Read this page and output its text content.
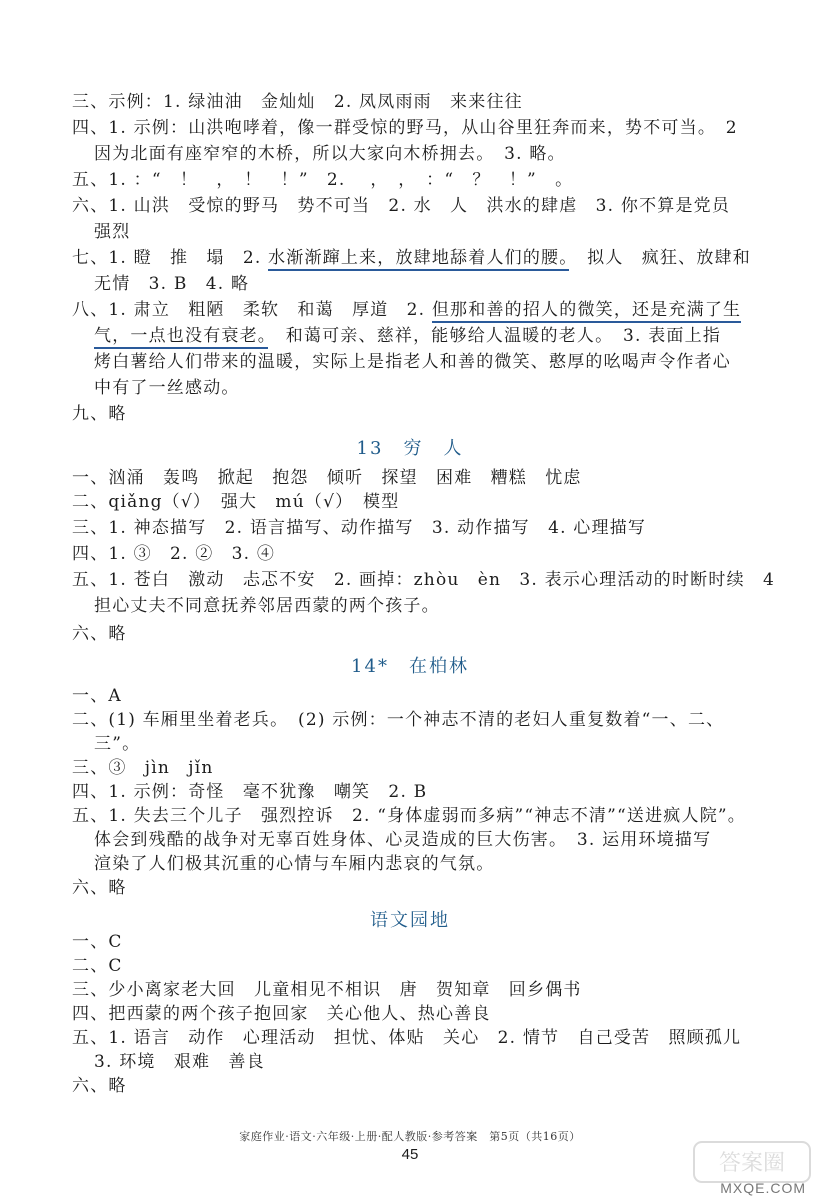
三、示例：1. 绿油油　金灿灿　2. 凤凤雨雨　来来往往
四、1. 示例：山洪咆哮着，像一群受惊的野马，从山谷里狂奔而来，势不可当。　2
因为北面有座窄窄的木桥，所以大家向木桥拥去。　3. 略。
五、1. ：“　！　，　！　！”　2. 　，　，　：“　？　！”　。
六、1. 山洪　受惊的野马　势不可当　2. 水　人　洪水的肆虐　3. 你不算是党员
强烈
七、1. 瞪　推　塌　2. 水渐渐蹿上来，放肆地舔着人们的腰。　拟人　疯狂、放肆和
无情　3. B　4. 略
八、1. 肃立　粗陋　柔软　和蔼　厚道　2. 但那和善的招人的微笑，还是充满了生
气，一点也没有衰老。　和蔼可亲、慈祥，能够给人温暖的老人。　3. 表面上指
烤白薯给人们带来的温暖，实际上是指老人和善的微笑、憨厚的吆喝声令作者心
中有了一丝感动。
九、略
13　穷　人
一、汹涌　轰鸣　掀起　抱怨　倾听　探望　困难　糟糕　忧虑
二、qiǎng（√）　强大　mú（√）　模型
三、1. 神态描写　2. 语言描写、动作描写　3. 动作描写　4. 心理描写
四、1. ③　2. ②　3. ④
五、1. 苍白　激动　忐忑不安　2. 画掉：zhòu　èn　3. 表示心理活动的时断时续　4
担心丈夫不同意抚养邻居西蒙的两个孩子。
六、略
14*　在柏林
一、A
二、(1) 车厢里坐着老兵。　(2) 示例：一个神志不清的老妇人重复数着“一、二、
三”。
三、③　jìn　jǐn
四、1. 示例：奇怪　毫不犹豫　嘲笑　2. B
五、1. 失去三个儿子　强烈控诉　2. “身体虚弱而多病”“神志不清”“送进疯人院”。
体会到残酷的战争对无辜百姓身体、心灵造成的巨大伤害。　3. 运用环境描写
渲染了人们极其沉重的心情与车厢内悲哀的气氛。
六、略
语文园地
一、C
二、C
三、少小离家老大回　儿童相见不相识　唐　贺知章　回乡偶书
四、把西蒙的两个孩子抱回家　关心他人、热心善良
家庭作业·语文·六年级·上册·配人教版·参考答案　第5页（共16页）
45	答案圈
MXQE.COM
五、1. 语言　动作　心理活动　担忧、体贴　关心　2. 情节　自己受苦　照顾孤儿
3. 环境　艰难　善良
六、略
